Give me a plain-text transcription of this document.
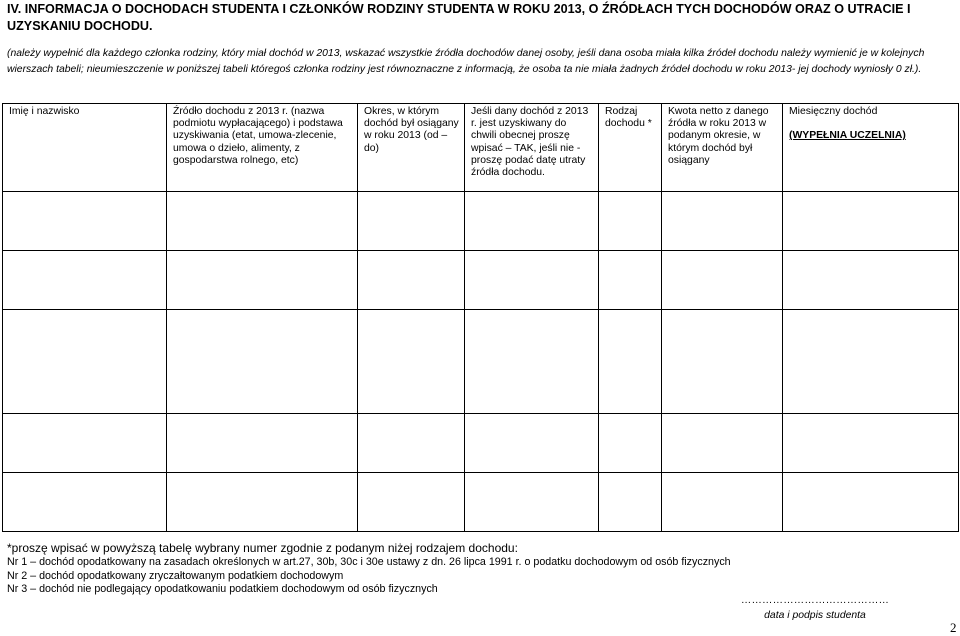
IV. INFORMACJA O DOCHODACH STUDENTA I CZŁONKÓW RODZINY STUDENTA W ROKU 2013, O ŹRÓDŁACH TYCH DOCHODÓW ORAZ O UTRACIE I UZYSKANIU DOCHODU.
(należy wypełnić dla każdego członka rodziny, który miał dochód w 2013, wskazać wszystkie źródła dochodów danej osoby, jeśli dana osoba miała kilka źródeł dochodu należy wymienić je w kolejnych wierszach tabeli; nieumieszczenie w poniższej tabeli któregoś członka rodziny jest równoznaczne z informacją, że osoba ta nie miała żadnych źródeł dochodu w roku 2013- jej dochody wyniosły 0 zł.).
Imię i nazwisko	Źródło dochodu z 2013 r. (nazwa podmiotu wypłacającego) i podstawa uzyskiwania (etat, umowa-zlecenie, umowa o dzieło, alimenty, z gospodarstwa rolnego, etc)	Okres, w którym dochód był osiągany w roku 2013 (od – do)	Jeśli dany dochód z 2013 r. jest uzyskiwany do chwili obecnej proszę wpisać – TAK, jeśli nie - proszę podać datę utraty źródła dochodu.	Rodzaj dochodu *	Kwota netto z danego źródła w roku 2013 w podanym okresie, w którym dochód był osiągany	Miesięczny dochód
(WYPEŁNIA UCZELNIA)

*proszę wpisać w powyższą tabelę wybrany numer zgodnie z podanym niżej rodzajem dochodu:
Nr 1 – dochód opodatkowany na zasadach określonych w art.27, 30b, 30c i 30e ustawy z dn. 26 lipca 1991 r. o podatku dochodowym od osób fizycznych
Nr 2 – dochód opodatkowany zryczałtowanym podatkiem dochodowym
Nr 3 – dochód nie podlegający opodatkowaniu podatkiem dochodowym od osób fizycznych
……………………………………
data i podpis studenta
2
